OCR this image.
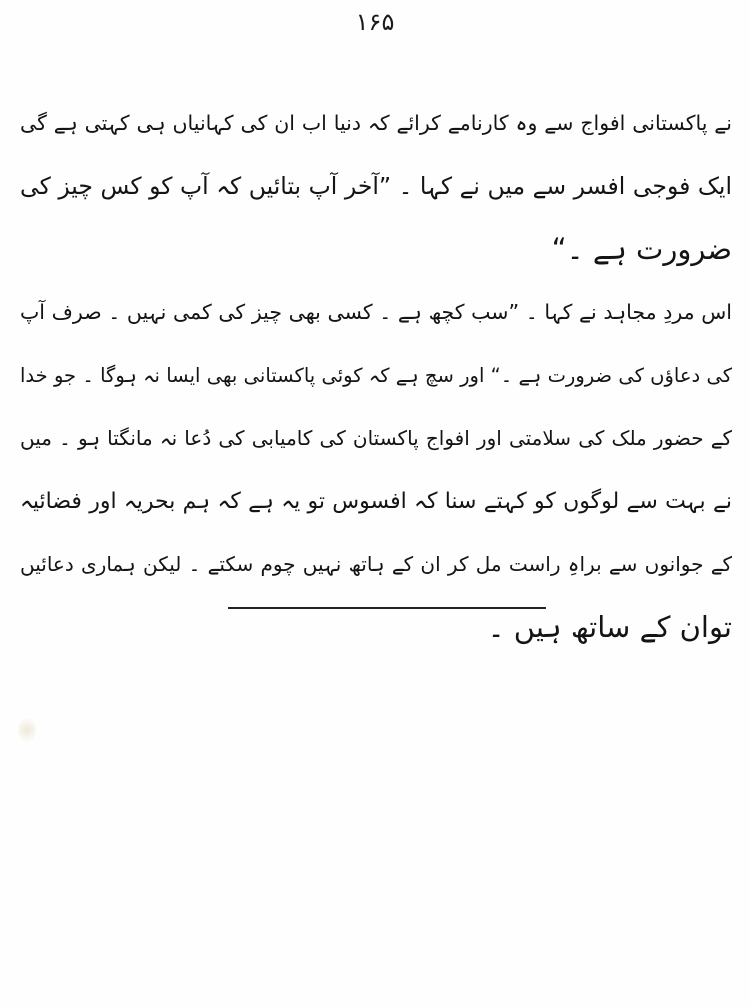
۱۶۵
نے پاکستانی افواج سے وہ کارنامے کرائے کہ دنیا اب ان کی کہانیاں ہی کہتی ہے گی
ایک فوجی افسر سے میں نے کہا ۔ ”آخر آپ بتائیں کہ آپ کو کس چیز کی
ضرورت ہے ۔“
اس مردِ مجاہد نے کہا ۔ ”سب کچھ ہے ۔ کسی بھی چیز کی کمی نہیں ۔ صرف آپ
کی دعاؤں کی ضرورت ہے ۔“ اور سچ ہے کہ کوئی پاکستانی بھی ایسا نہ ہوگا ۔ جو خدا
کے حضور ملک کی سلامتی اور افواج پاکستان کی کامیابی کی دُعا نہ مانگتا ہو ۔ میں
نے بہت سے لوگوں کو کہتے سنا کہ افسوس تو یہ ہے کہ ہم بحریہ اور فضائیہ
کے جوانوں سے براہِ راست مل کر ان کے ہاتھ نہیں چوم سکتے ۔ لیکن ہماری دعائیں
توان کے ساتھ ہیں ۔
